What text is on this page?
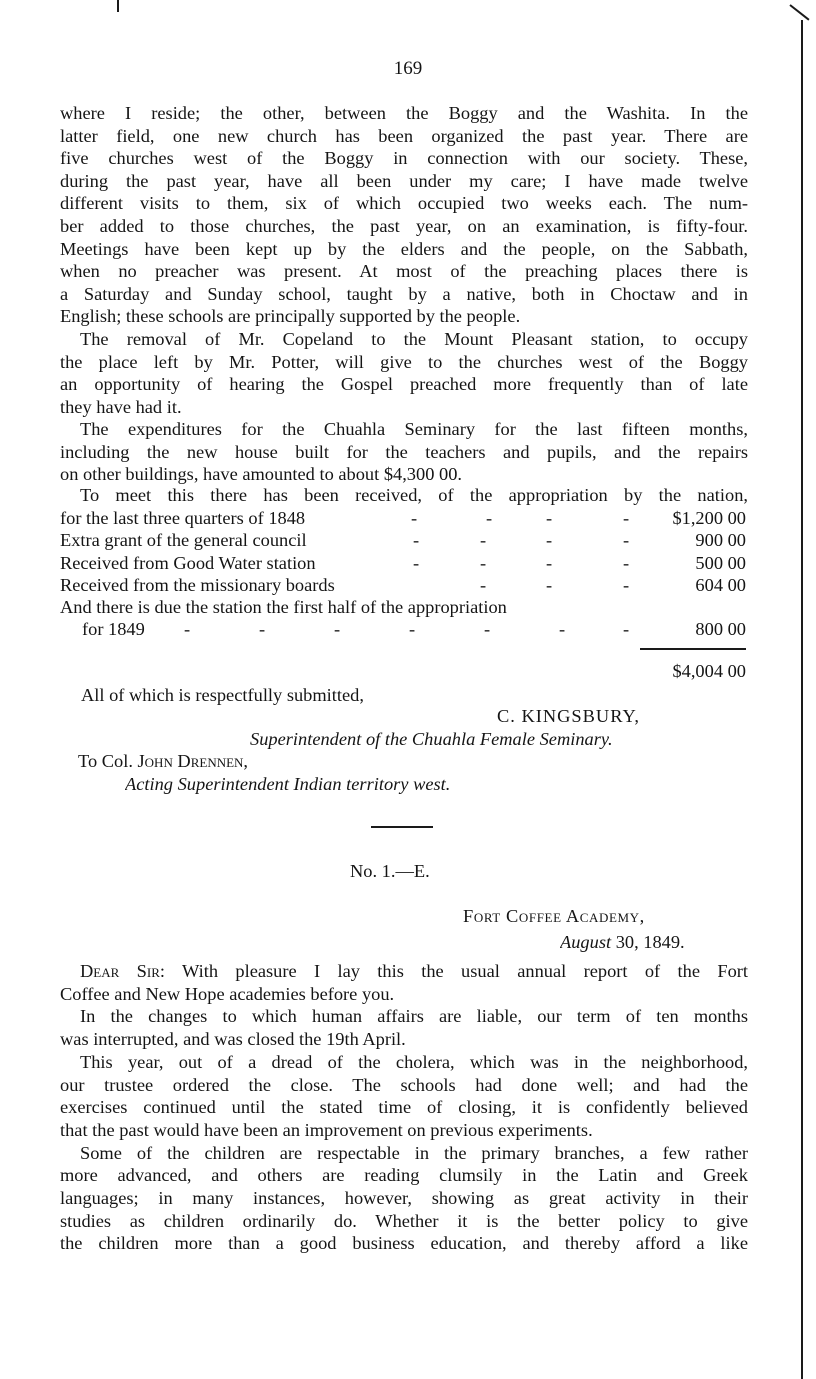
169
where I reside; the other, between the Boggy and the Washita. In the
latter field, one new church has been organized the past year. There are
five churches west of the Boggy in connection with our society. These,
during the past year, have all been under my care; I have made twelve
different visits to them, six of which occupied two weeks each. The num-
ber added to those churches, the past year, on an examination, is fifty-four.
Meetings have been kept up by the elders and the people, on the Sabbath,
when no preacher was present. At most of the preaching places there is
a Saturday and Sunday school, taught by a native, both in Choctaw and in
English; these schools are principally supported by the people.
The removal of Mr. Copeland to the Mount Pleasant station, to occupy
the place left by Mr. Potter, will give to the churches west of the Boggy
an opportunity of hearing the Gospel preached more frequently than of late
they have had it.
The expenditures for the Chuahla Seminary for the last fifteen months,
including the new house built for the teachers and pupils, and the repairs
on other buildings, have amounted to about $4,300 00.
To meet this there has been received, of the appropriation by the nation,
for the last three quarters of 1848	-	-	-	- $1,200 00
Extra grant of the general council	-	-	-	-	900 00
Received from Good Water station	-	-	-	-	500 00
Received from the missionary boards	-	-	-	604 00
And there is due the station the first half of the appropriation
for 1849 -	-	-	-	-	-	-	800 00
$4,004 00
All of which is respectfully submitted,
C. KINGSBURY,
Superintendent of the Chuahla Female Seminary.
To Col. John Drennen,
Acting Superintendent Indian territory west.
No. 1.—E.
Fort Coffee Academy,
August 30, 1849.
Dear Sir: With pleasure I lay this the usual annual report of the Fort
Coffee and New Hope academies before you.
In the changes to which human affairs are liable, our term of ten months
was interrupted, and was closed the 19th April.
This year, out of a dread of the cholera, which was in the neighborhood,
our trustee ordered the close. The schools had done well; and had the
exercises continued until the stated time of closing, it is confidently believed
that the past would have been an improvement on previous experiments.
Some of the children are respectable in the primary branches, a few rather
more advanced, and others are reading clumsily in the Latin and Greek
languages; in many instances, however, showing as great activity in their
studies as children ordinarily do. Whether it is the better policy to give
the children more than a good business education, and thereby afford a like
